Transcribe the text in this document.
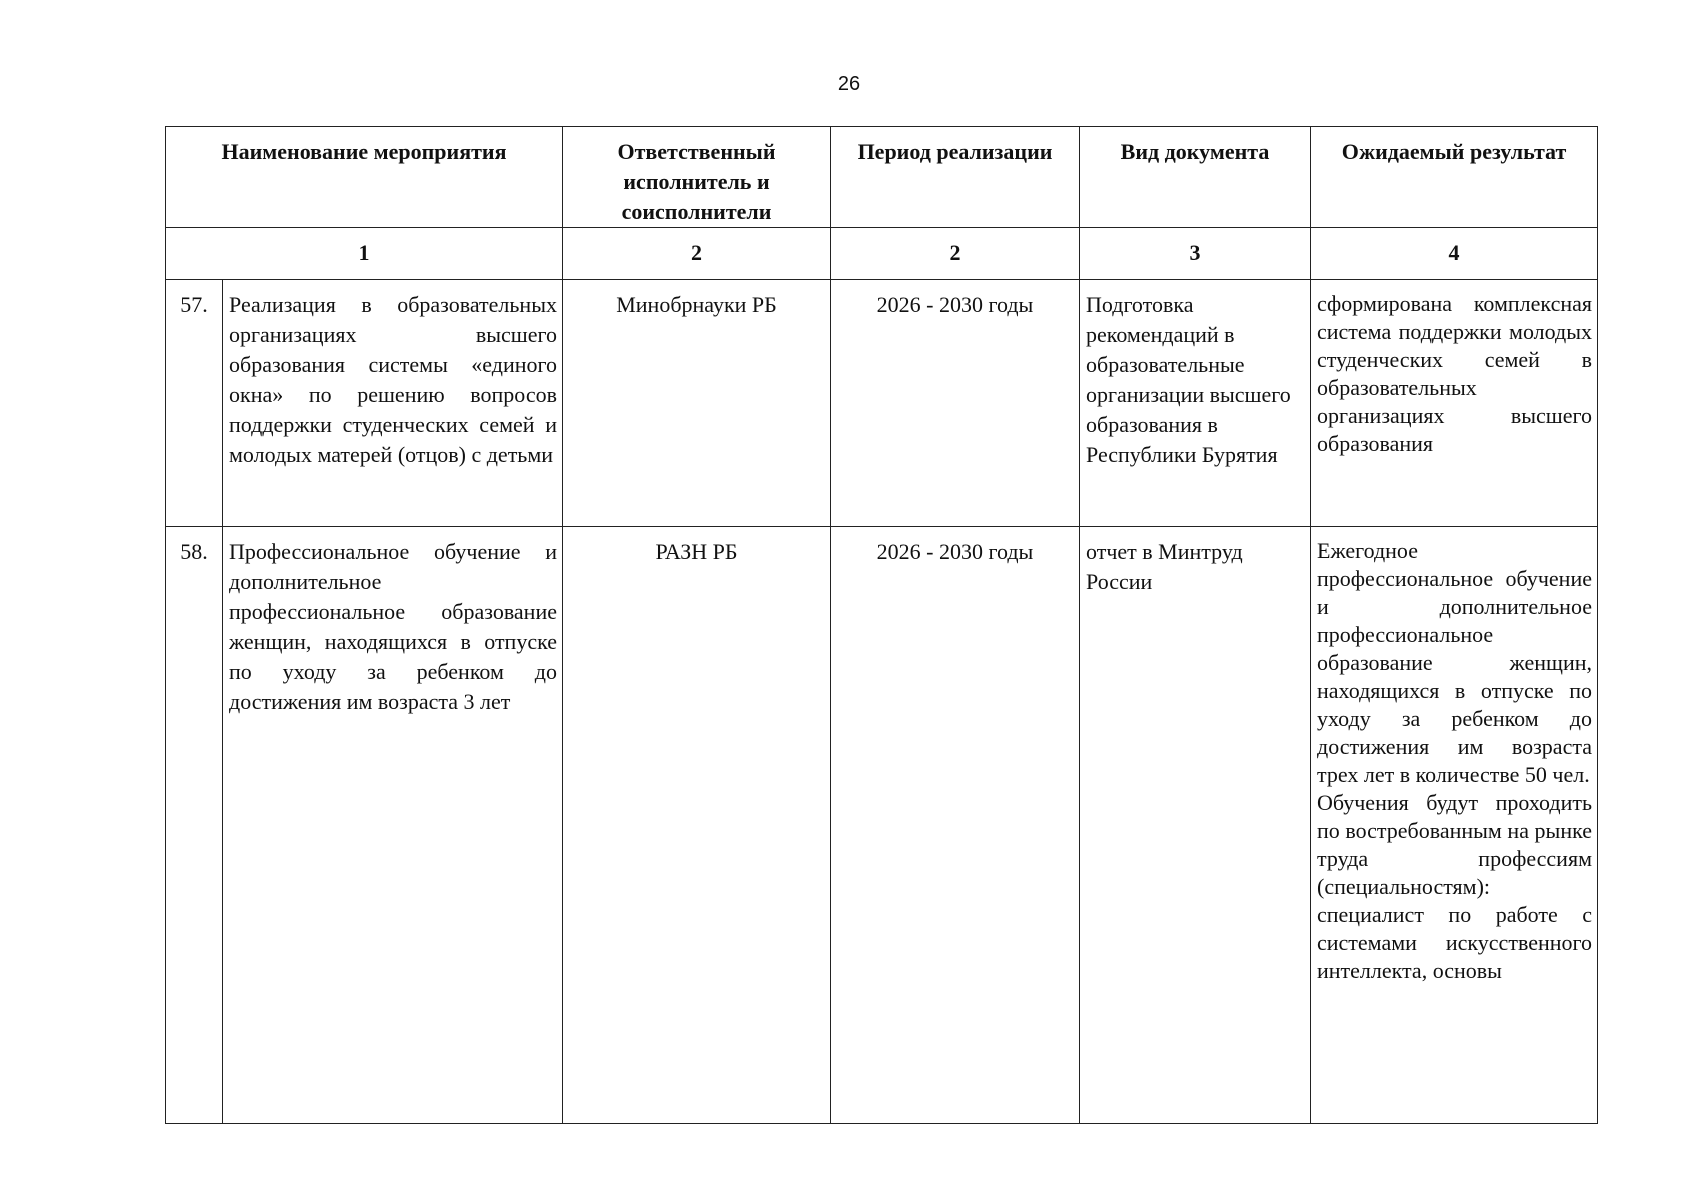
26
Наименование мероприятия		Ответственный исполнитель и соисполнители	Период реализации	Вид документа	Ожидаемый результат
1		2	2	3	4
57.	Реализация в образовательных организациях высшего образования системы «единого окна» по решению вопросов поддержки студенческих семей и молодых матерей (отцов) с детьми	Минобрнауки РБ	2026 - 2030 годы	Подготовка рекомендаций в образовательные организации высшего образования в Республики Бурятия	сформирована комплексная система поддержки молодых студенческих семей в образовательных организациях высшего образования
58.	Профессиональное обучение и дополнительное профессиональное образование женщин, находящихся в отпуске по уходу за ребенком до достижения им возраста 3 лет	РАЗН РБ	2026 - 2030 годы	отчет в Минтруд России	Ежегодное профессиональное обучение и дополнительное профессиональное образование женщин, находящихся в отпуске по уходу за ребенком до достижения им возраста трех лет в количестве 50 чел.
Обучения будут проходить по востребованным на рынке труда профессиям (специальностям): специалист по работе с системами искусственного интеллекта, основы
